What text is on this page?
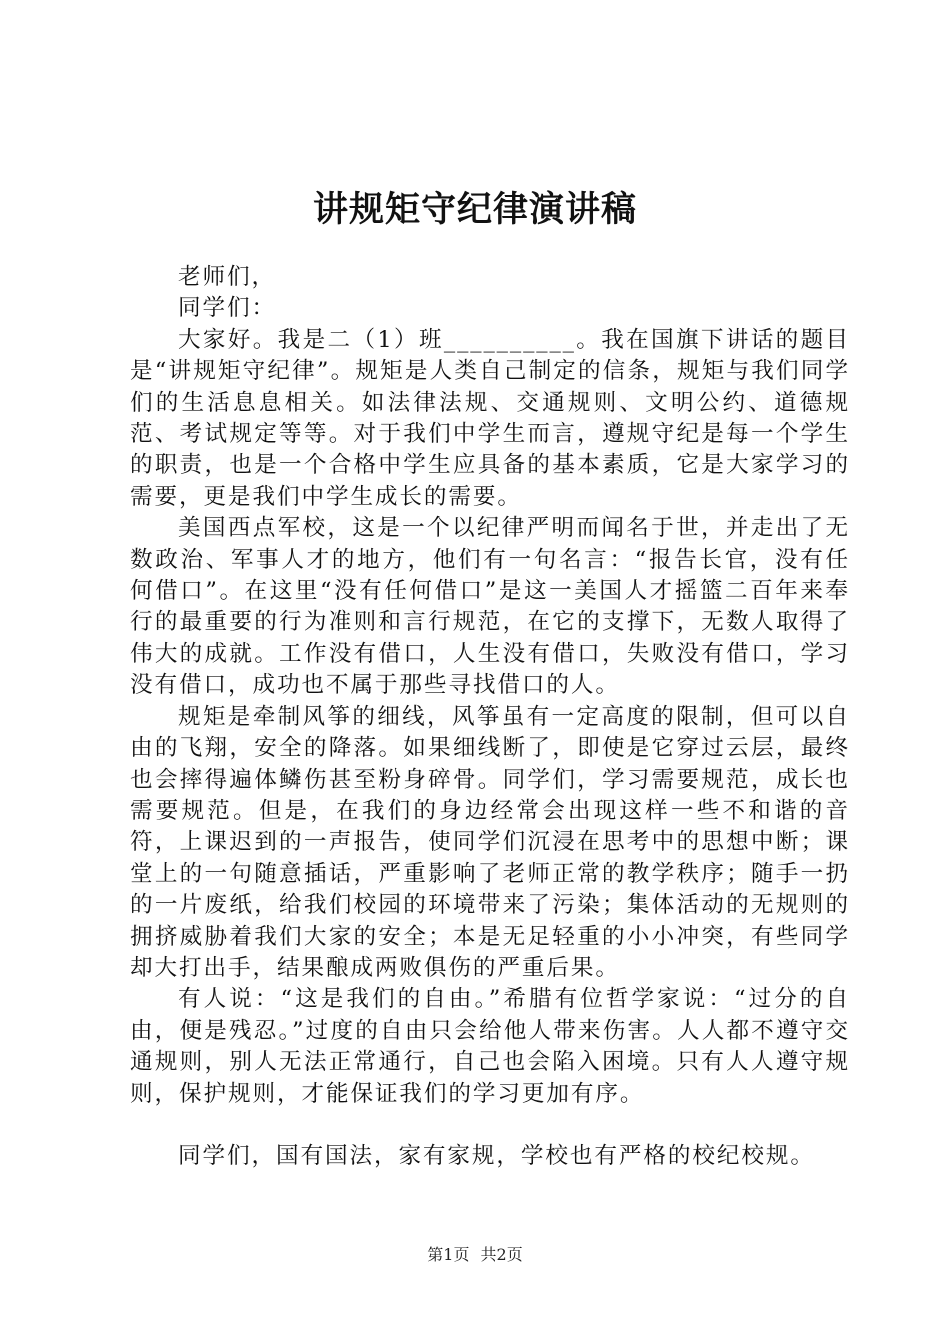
讲规矩守纪律演讲稿

老师们，

同学们：

大家好。我是二（1）班__________。我在国旗下讲话的题目是“讲规矩守纪律”。规矩是人类自己制定的信条，规矩与我们同学们的生活息息相关。如法律法规、交通规则、文明公约、道德规范、考试规定等等。对于我们中学生而言，遵规守纪是每一个学生的职责，也是一个合格中学生应具备的基本素质，它是大家学习的需要，更是我们中学生成长的需要。

美国西点军校，这是一个以纪律严明而闻名于世，并走出了无数政治、军事人才的地方，他们有一句名言：“报告长官，没有任何借口”。在这里“没有任何借口”是这一美国人才摇篮二百年来奉行的最重要的行为准则和言行规范，在它的支撑下，无数人取得了伟大的成就。工作没有借口，人生没有借口，失败没有借口，学习没有借口，成功也不属于那些寻找借口的人。

规矩是牵制风筝的细线，风筝虽有一定高度的限制，但可以自由的飞翔，安全的降落。如果细线断了，即使是它穿过云层，最终也会摔得遍体鳞伤甚至粉身碎骨。同学们，学习需要规范，成长也需要规范。但是，在我们的身边经常会出现这样一些不和谐的音符，上课迟到的一声报告，使同学们沉浸在思考中的思想中断；课堂上的一句随意插话，严重影响了老师正常的教学秩序；随手一扔的一片废纸，给我们校园的环境带来了污染；集体活动的无规则的拥挤威胁着我们大家的安全；本是无足轻重的小小冲突，有些同学却大打出手，结果酿成两败俱伤的严重后果。

有人说：“这是我们的自由。”希腊有位哲学家说：“过分的自由，便是残忍。”过度的自由只会给他人带来伤害。人人都不遵守交通规则，别人无法正常通行，自己也会陷入困境。只有人人遵守规则，保护规则，才能保证我们的学习更加有序。

同学们，国有国法，家有家规，学校也有严格的校纪校规。

第1页 共2页
